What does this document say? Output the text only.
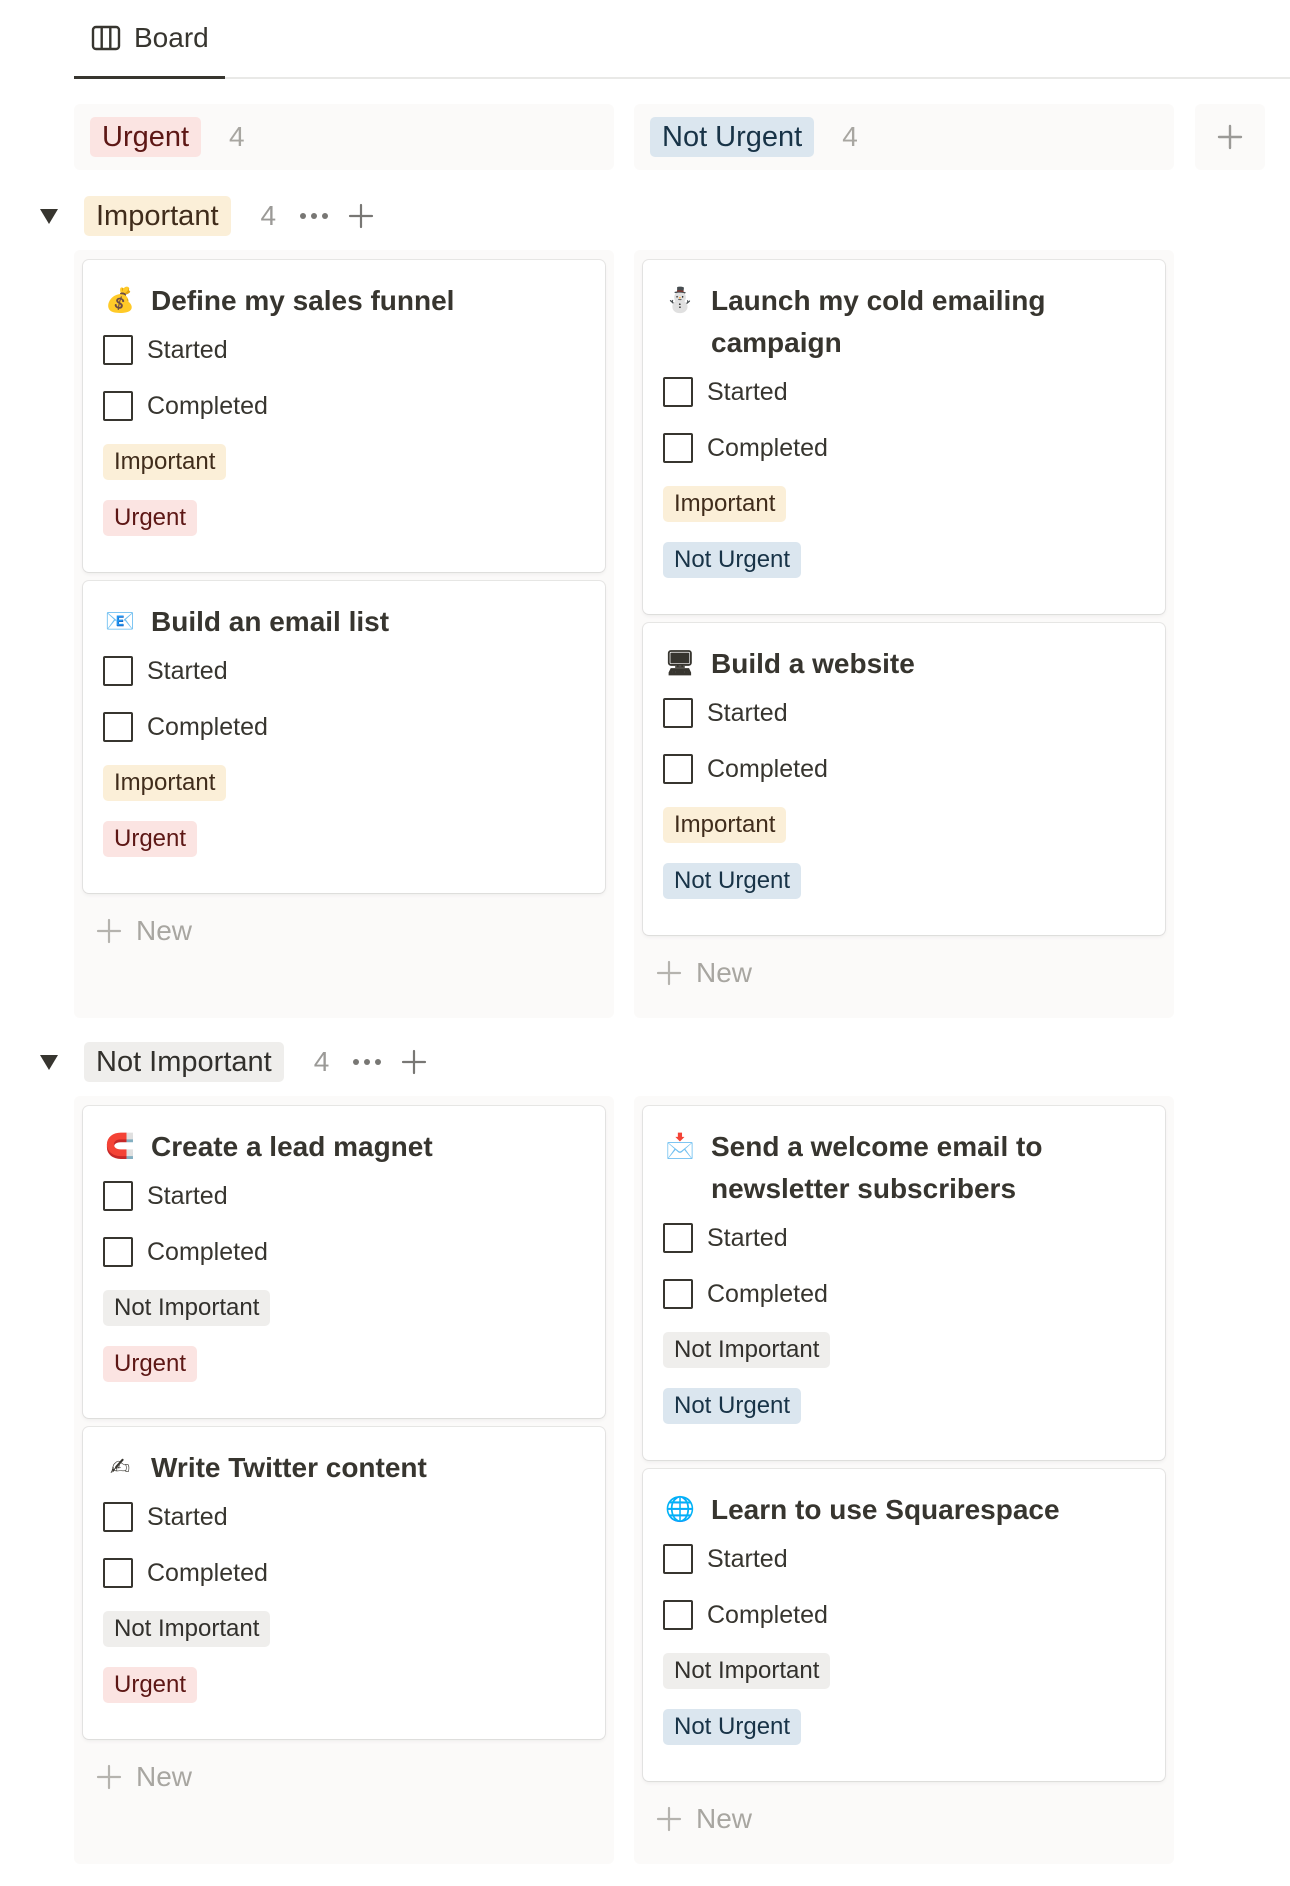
Board
Urgent	4	Not Urgent	4
Important	4
💰 Define my sales funnel
Started
Completed
Important
Urgent
📧 Build an email list
Started
Completed
Important
Urgent
⛄ Launch my cold emailing campaign
Started
Completed
Important
Not Urgent
🖥 Build a website
Started
Completed
Important
Not Urgent
New
New
Not Important	4
🧲 Create a lead magnet
Started
Completed
Not Important
Urgent
✍ Write Twitter content
Started
Completed
Not Important
Urgent
📩 Send a welcome email to newsletter subscribers
Started
Completed
Not Important
Not Urgent
🌐 Learn to use Squarespace
Started
Completed
Not Important
Not Urgent
New
New
